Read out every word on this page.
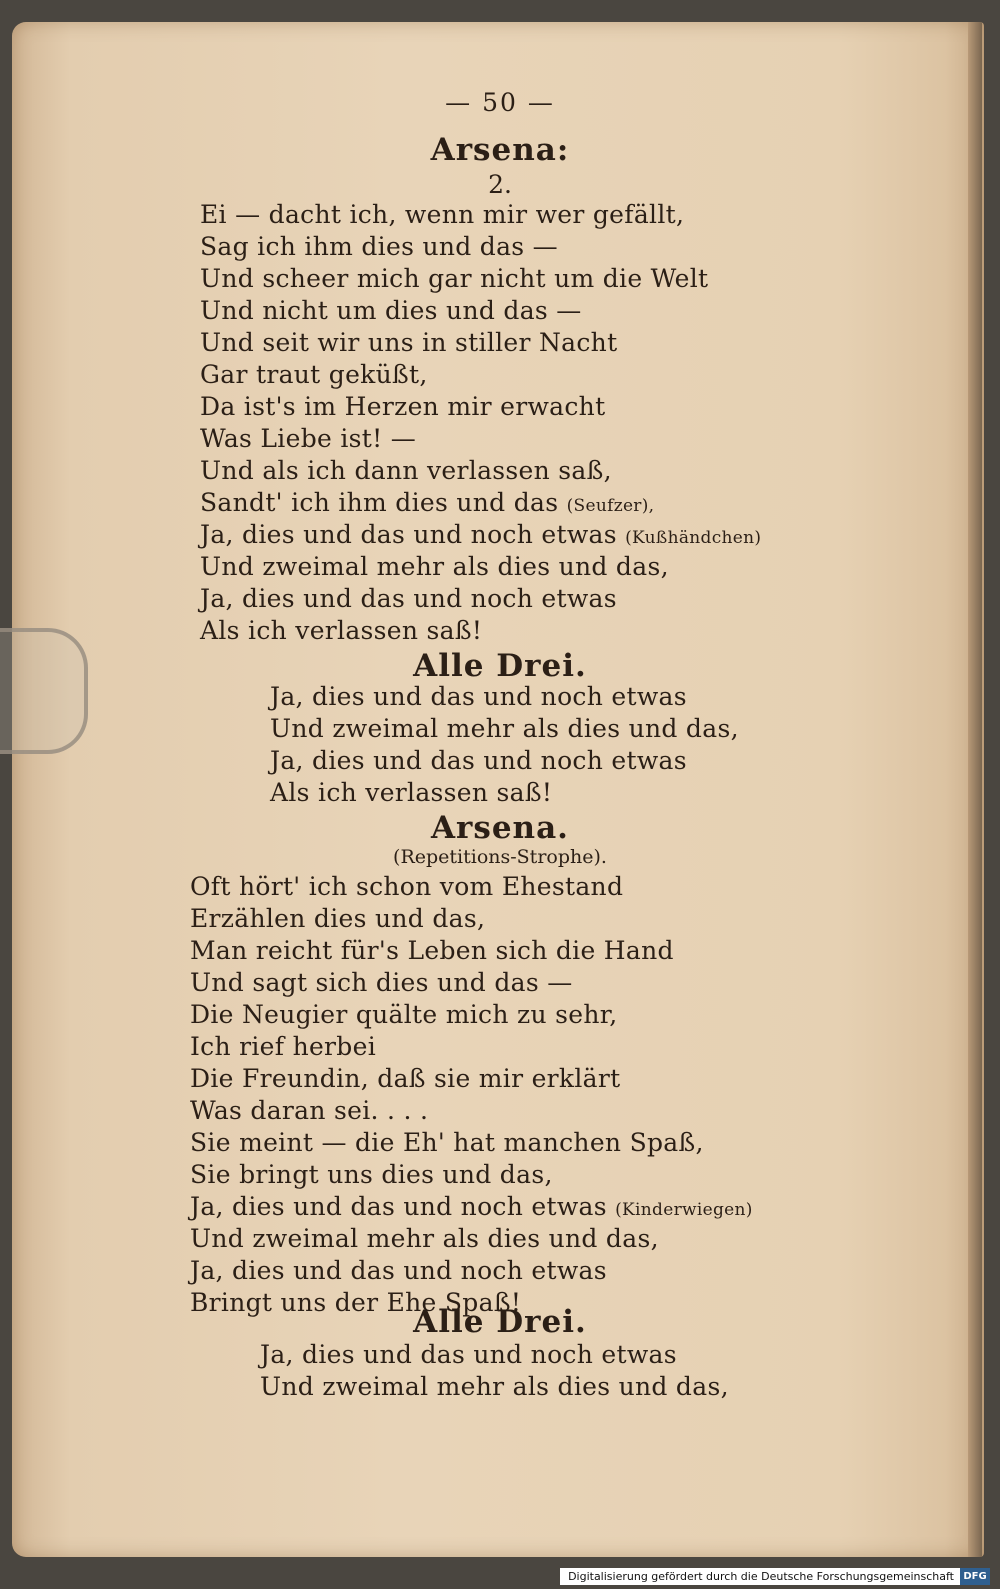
— 50 —
Arsena:
2.
Ei — dacht ich, wenn mir wer gefällt,
Sag ich ihm dies und das —
Und scheer mich gar nicht um die Welt
Und nicht um dies und das —
Und seit wir uns in stiller Nacht
Gar traut geküßt,
Da ist's im Herzen mir erwacht
Was Liebe ist! —
Und als ich dann verlassen saß,
Sandt' ich ihm dies und das (Seufzer),
Ja, dies und das und noch etwas (Kußhändchen)
Und zweimal mehr als dies und das,
Ja, dies und das und noch etwas
Als ich verlassen saß!
Alle Drei.
Ja, dies und das und noch etwas
Und zweimal mehr als dies und das,
Ja, dies und das und noch etwas
Als ich verlassen saß!
Arsena.
(Repetitions-Strophe).
Oft hört' ich schon vom Ehestand
Erzählen dies und das,
Man reicht für's Leben sich die Hand
Und sagt sich dies und das —
Die Neugier quälte mich zu sehr,
Ich rief herbei
Die Freundin, daß sie mir erklärt
Was daran sei. . . .
Sie meint — die Eh' hat manchen Spaß,
Sie bringt uns dies und das,
Ja, dies und das und noch etwas (Kinderwiegen)
Und zweimal mehr als dies und das,
Ja, dies und das und noch etwas
Bringt uns der Ehe Spaß!
Alle Drei.
Ja, dies und das und noch etwas
Und zweimal mehr als dies und das,
Digitalisierung gefördert durch die Deutsche Forschungsgemeinschaft DFG
